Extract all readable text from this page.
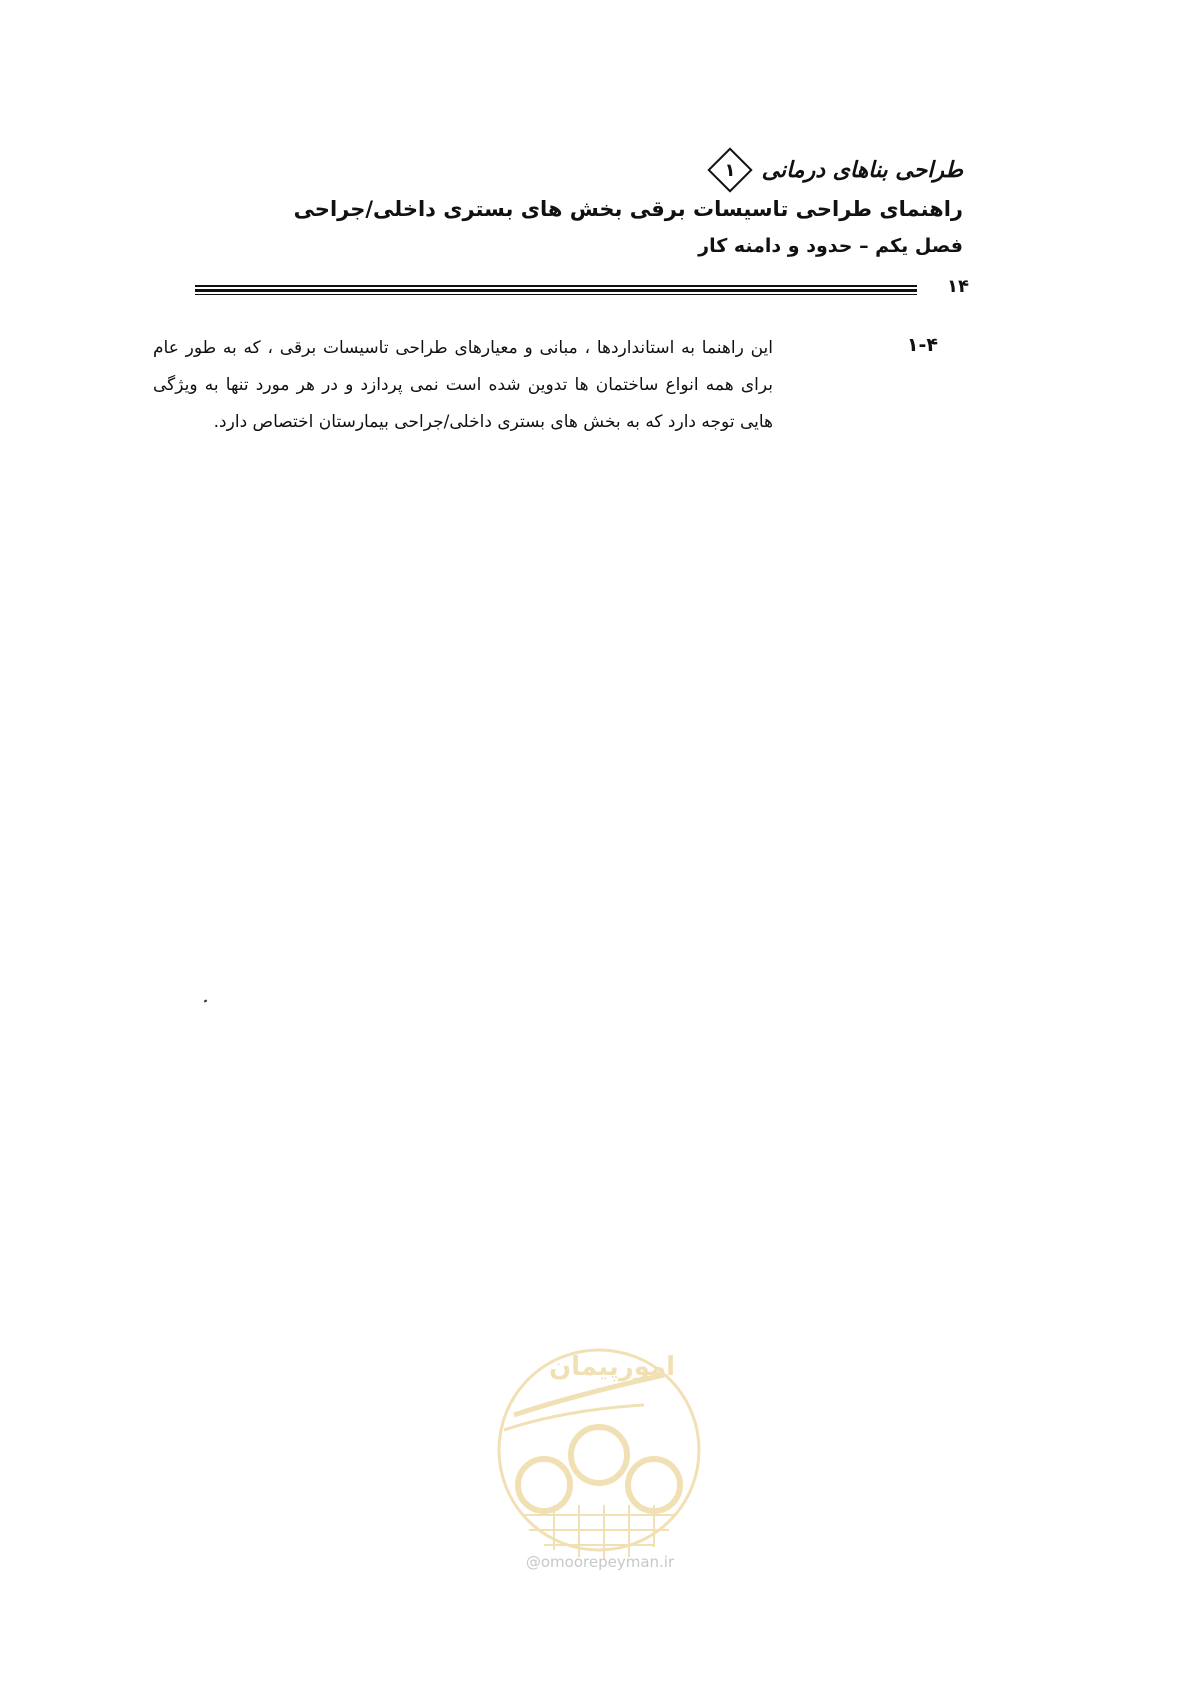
طراحی بناهای درمانی
۱
راهنمای طراحی تاسیسات برقی بخش های بستری داخلی/جراحی
فصل یکم – حدود و دامنه کار
۱۴
۱-۴
این راهنما به استانداردها ، مبانی و معیارهای طراحی تاسیسات برقی ، که به طور عام برای همه انواع ساختمان ها تدوین شده است نمی پردازد و در هر مورد تنها به ویژگی هایی توجه دارد که به بخش های بستری داخلی/جراحی بیمارستان اختصاص دارد.
امورپیمان
@omoorepeyman.ir
